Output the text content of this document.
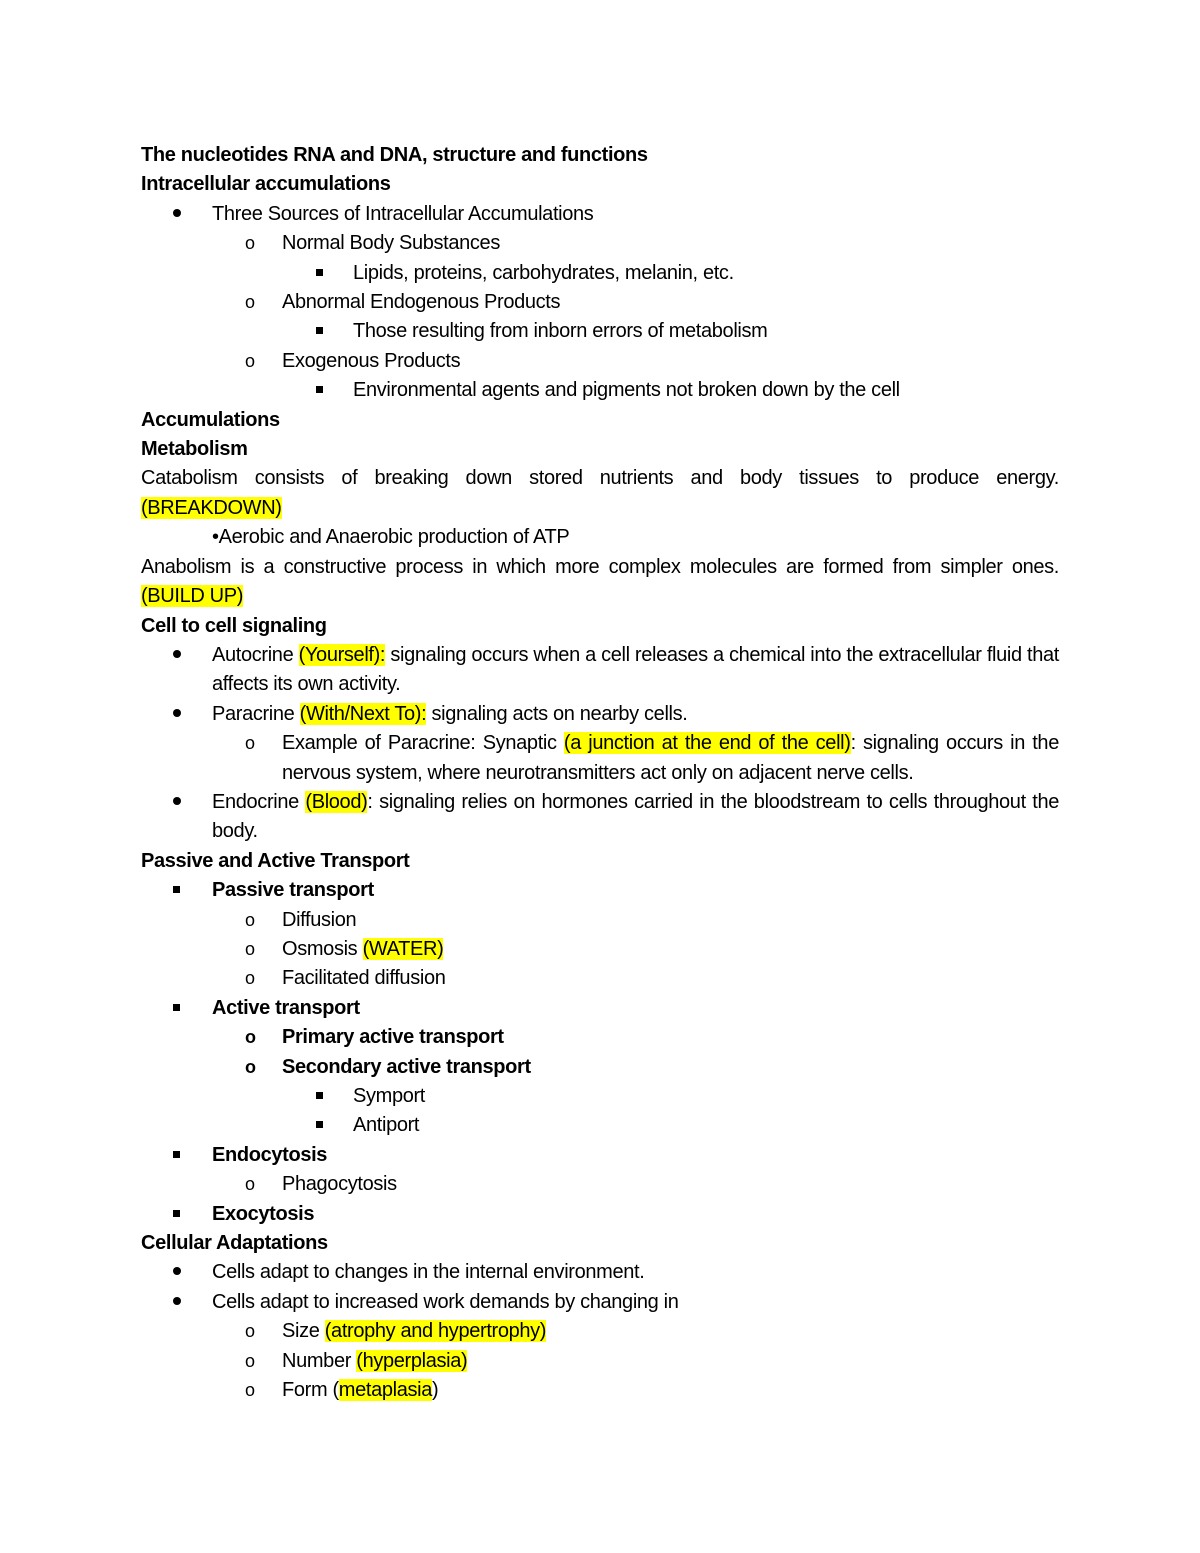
The nucleotides RNA and DNA, structure and functions
Intracellular accumulations
Three Sources of Intracellular Accumulations
o	Normal Body Substances
Lipids, proteins, carbohydrates, melanin, etc.
o	Abnormal Endogenous Products
Those resulting from inborn errors of metabolism
o	Exogenous Products
Environmental agents and pigments not broken down by the cell
Accumulations
Metabolism
Catabolism consists of breaking down stored nutrients and body tissues to produce energy. (BREAKDOWN)
•Aerobic and Anaerobic production of ATP
Anabolism is a constructive process in which more complex molecules are formed from simpler ones. (BUILD UP)
Cell to cell signaling
Autocrine (Yourself): signaling occurs when a cell releases a chemical into the extracellular fluid that affects its own activity.
Paracrine (With/Next To): signaling acts on nearby cells.
o	Example of Paracrine: Synaptic (a junction at the end of the cell): signaling occurs in the nervous system, where neurotransmitters act only on adjacent nerve cells.
Endocrine (Blood): signaling relies on hormones carried in the bloodstream to cells throughout the body.
Passive and Active Transport
Passive transport
o	Diffusion
o	Osmosis (WATER)
o	Facilitated diffusion
Active transport
o	Primary active transport
o	Secondary active transport
Symport
Antiport
Endocytosis
o	Phagocytosis
Exocytosis
Cellular Adaptations
Cells adapt to changes in the internal environment.
Cells adapt to increased work demands by changing in
o	Size (atrophy and hypertrophy)
o	Number (hyperplasia)
o	Form (metaplasia)
